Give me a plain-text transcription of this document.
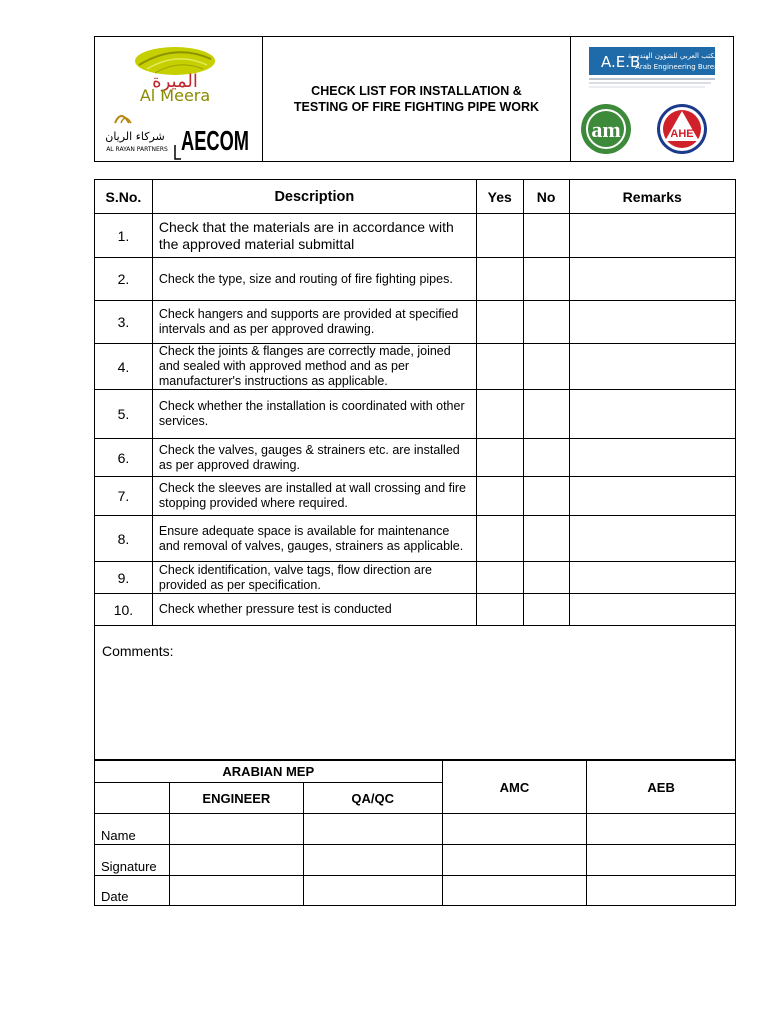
الميرة
Al Meera
شركاء الريان
AL RAYAN PARTNERS AECOM
CHECK LIST FOR INSTALLATION &
TESTING OF FIRE FIGHTING PIPE WORK
A.E.B
المكتب العربي للشؤون الهندسية
Arab Engineering Bureau
am	AHE
S.No.	Description	Yes	No	Remarks
1.	Check that the materials are in accordance with the approved material submittal			
2.	Check the type, size and routing of fire fighting pipes.			
3.	Check hangers and supports are provided at specified intervals and as per approved drawing.			
4.	Check the joints & flanges are correctly made, joined and sealed with approved method and as per manufacturer's instructions as applicable.			
5.	Check whether the installation is coordinated with other services.			
6.	Check the valves, gauges & strainers etc. are installed as per approved drawing.			
7.	Check the sleeves are installed at wall crossing and fire stopping provided where required.			
8.	Ensure adequate space is available for maintenance and removal of valves, gauges, strainers as applicable.			
9.	Check identification, valve tags, flow direction are provided as per specification.			
10.	Check whether pressure test is conducted			
Comments:
ARABIAN MEP			AMC	AEB
	ENGINEER	QA/QC		
Name				
Signature				
Date				
